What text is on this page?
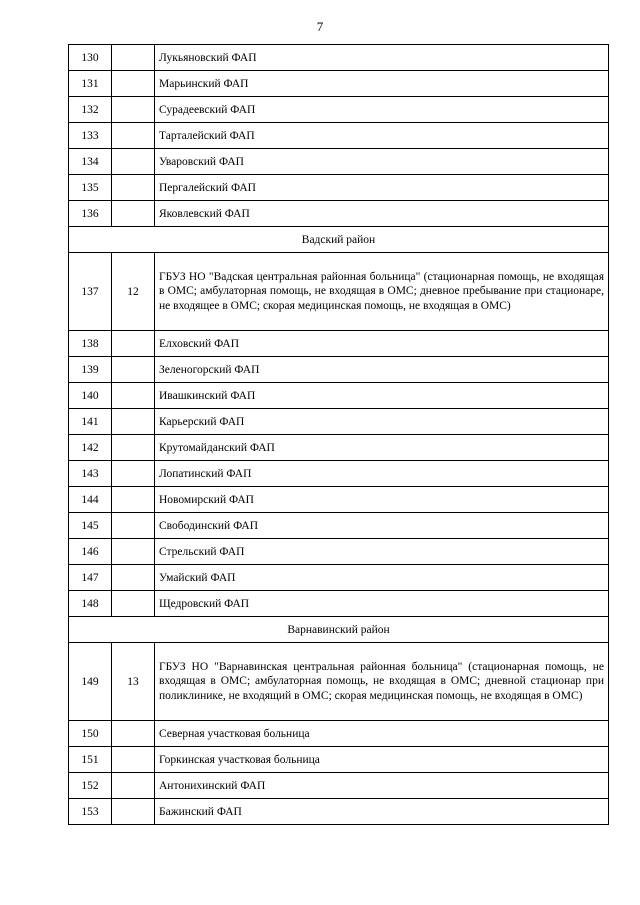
7
130		Лукьяновский ФАП
131		Марьинский ФАП
132		Сурадеевский ФАП
133		Тарталейский ФАП
134		Уваровский ФАП
135		Пергалейский ФАП
136		Яковлевский ФАП
Вадский район		
137	12	ГБУЗ НО "Вадская центральная районная больница" (стационарная помощь, не входящая в ОМС; амбулаторная помощь, не входящая в ОМС; дневное пребывание при стационаре, не входящее в ОМС; скорая медицинская помощь, не входящая в ОМС)
138		Елховский ФАП
139		Зеленогорский ФАП
140		Ивашкинский ФАП
141		Карьерский ФАП
142		Крутомайданский ФАП
143		Лопатинский ФАП
144		Новомирский ФАП
145		Свободинский ФАП
146		Стрельский ФАП
147		Умайский ФАП
148		Щедровский ФАП
Варнавинский район		
149	13	ГБУЗ НО "Варнавинская центральная районная больница" (стационарная помощь, не входящая в ОМС; амбулаторная помощь, не входящая в ОМС; дневной стационар при поликлинике, не входящий в ОМС; скорая медицинская помощь, не входящая в ОМС)
150		Северная участковая больница
151		Горкинская участковая больница
152		Антонихинский ФАП
153		Бажинский ФАП
